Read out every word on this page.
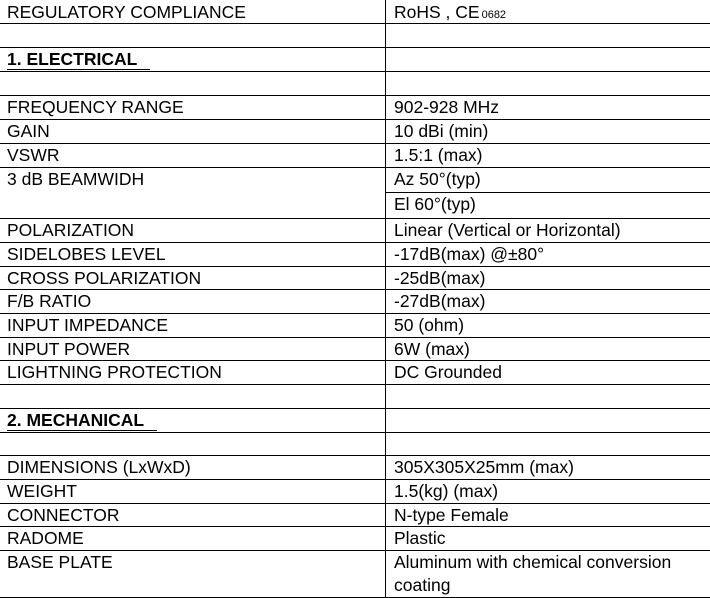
REGULATORY COMPLIANCE	RoHS , CE 0682
1. ELECTRICAL
FREQUENCY RANGE	902-928 MHz
GAIN	10 dBi (min)
VSWR	1.5:1 (max)
3 dB BEAMWIDH	Az 50°(typ)
El 60°(typ)
POLARIZATION	Linear (Vertical or Horizontal)
SIDELOBES LEVEL	-17dB(max) @±80°
CROSS POLARIZATION	-25dB(max)
F/B RATIO	-27dB(max)
INPUT IMPEDANCE	50 (ohm)
INPUT POWER	6W (max)
LIGHTNING PROTECTION	DC Grounded
2. MECHANICAL
DIMENSIONS (LxWxD)	305X305X25mm (max)
WEIGHT	1.5(kg) (max)
CONNECTOR	N-type Female
RADOME	Plastic
BASE PLATE	Aluminum with chemical conversion
coating
